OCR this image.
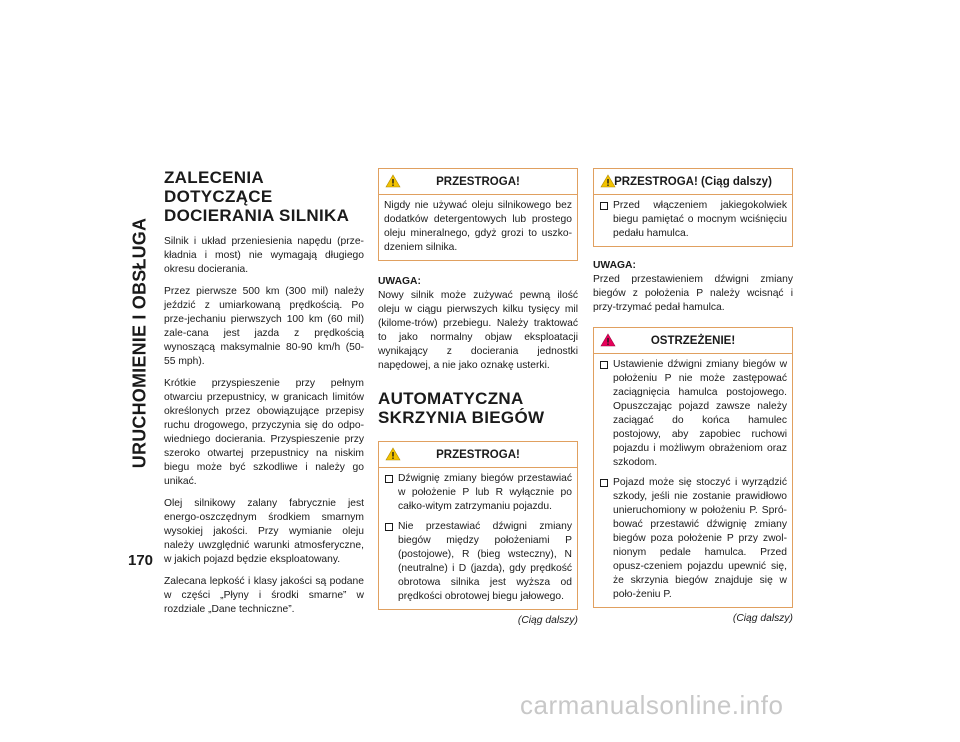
URUCHOMIENIE I OBSŁUGA
170
ZALECENIA DOTYCZĄCE DOCIERANIA SILNIKA

Silnik i układ przeniesienia napędu (prze-kładnia i most) nie wymagają długiego okresu docierania.

Przez pierwsze 500 km (300 mil) należy jeździć z umiarkowaną prędkością. Po prze-jechaniu pierwszych 100 km (60 mil) zale-cana jest jazda z prędkością wynoszącą maksymalnie 80-90 km/h (50-55 mph).

Krótkie przyspieszenie przy pełnym otwarciu przepustnicy, w granicach limitów określonych przez obowiązujące przepisy ruchu drogowego, przyczynia się do odpo-wiedniego docierania. Przyspieszenie przy szeroko otwartej przepustnicy na niskim biegu może być szkodliwe i należy go unikać.

Olej silnikowy zalany fabrycznie jest energo-oszczędnym środkiem smarnym wysokiej jakości. Przy wymianie oleju należy uwzględnić warunki atmosferyczne, w jakich pojazd będzie eksploatowany.

Zalecana lepkość i klasy jakości są podane w części „Płyny i środki smarne” w rozdziale „Dane techniczne”.

PRZESTROGA!

Nigdy nie używać oleju silnikowego bez dodatków detergentowych lub prostego oleju mineralnego, gdyż grozi to uszko-dzeniem silnika.

UWAGA:
Nowy silnik może zużywać pewną ilość oleju w ciągu pierwszych kilku tysięcy mil (kilome-trów) przebiegu. Należy traktować to jako normalny objaw eksploatacji wynikający z docierania jednostki napędowej, a nie jako oznakę usterki.

AUTOMATYCZNA SKRZYNIA BIEGÓW
PRZESTROGA!
Dźwignię zmiany biegów przestawiać w położenie P lub R wyłącznie po całko-witym zatrzymaniu pojazdu.
Nie przestawiać dźwigni zmiany biegów między położeniami P (postojowe), R (bieg wsteczny), N (neutralne) i D (jazda), gdy prędkość obrotowa silnika jest wyższa od prędkości obrotowej biegu jałowego.
(Ciąg dalszy)
PRZESTROGA! (Ciąg dalszy)
Przed włączeniem jakiegokolwiek biegu pamiętać o mocnym wciśnięciu pedału hamulca.

UWAGA:
Przed przestawieniem dźwigni zmiany biegów z położenia P należy wcisnąć i przy-trzymać pedał hamulca.

OSTRZEŻENIE!
Ustawienie dźwigni zmiany biegów w położeniu P nie może zastępować zaciągnięcia hamulca postojowego. Opuszczając pojazd zawsze należy zaciągać do końca hamulec postojowy, aby zapobiec ruchowi pojazdu i możliwym obrażeniom oraz szkodom.
Pojazd może się stoczyć i wyrządzić szkody, jeśli nie zostanie prawidłowo unieruchomiony w położeniu P. Spró-bować przestawić dźwignię zmiany biegów poza położenie P przy zwol-nionym pedale hamulca. Przed opusz-czeniem pojazdu upewnić się, że skrzynia biegów znajduje się w poło-żeniu P.
(Ciąg dalszy)
carmanualsonline.info
